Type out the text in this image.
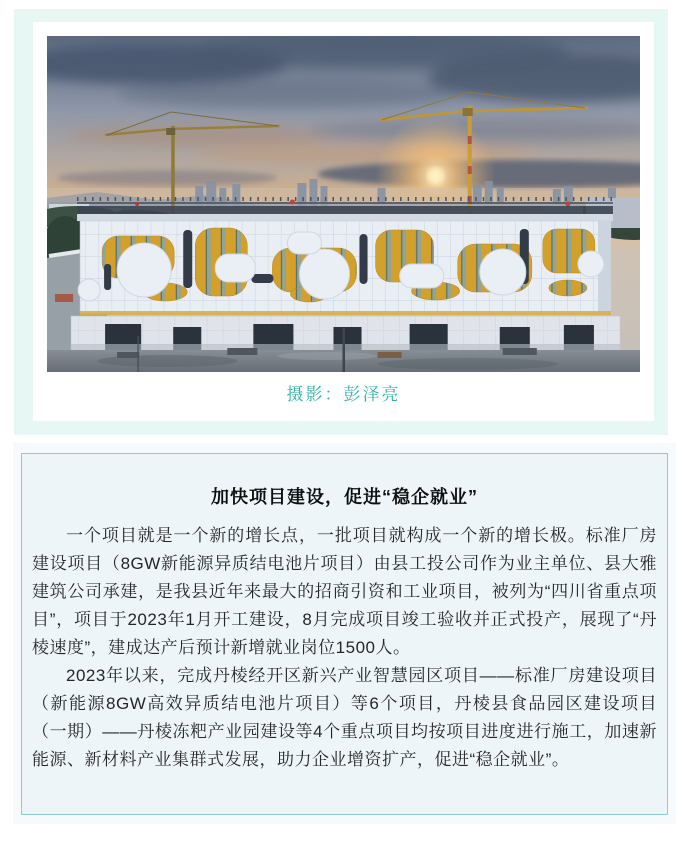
摄影：彭泽亮
加快项目建设，促进“稳企就业”

一个项目就是一个新的增长点，一批项目就构成一个新的增长极。标准厂房建设项目（8GW新能源异质结电池片项目）由县工投公司作为业主单位、县大雅建筑公司承建，是我县近年来最大的招商引资和工业项目，被列为“四川省重点项目”，项目于2023年1月开工建设，8月完成项目竣工验收并正式投产，展现了“丹棱速度”，建成达产后预计新增就业岗位1500人。

2023年以来，完成丹棱经开区新兴产业智慧园区项目——标准厂房建设项目（新能源8GW高效异质结电池片项目）等6个项目，丹棱县食品园区建设项目（一期）——丹棱冻粑产业园建设等4个重点项目均按项目进度进行施工，加速新能源、新材料产业集群式发展，助力企业增资扩产，促进“稳企就业”。
